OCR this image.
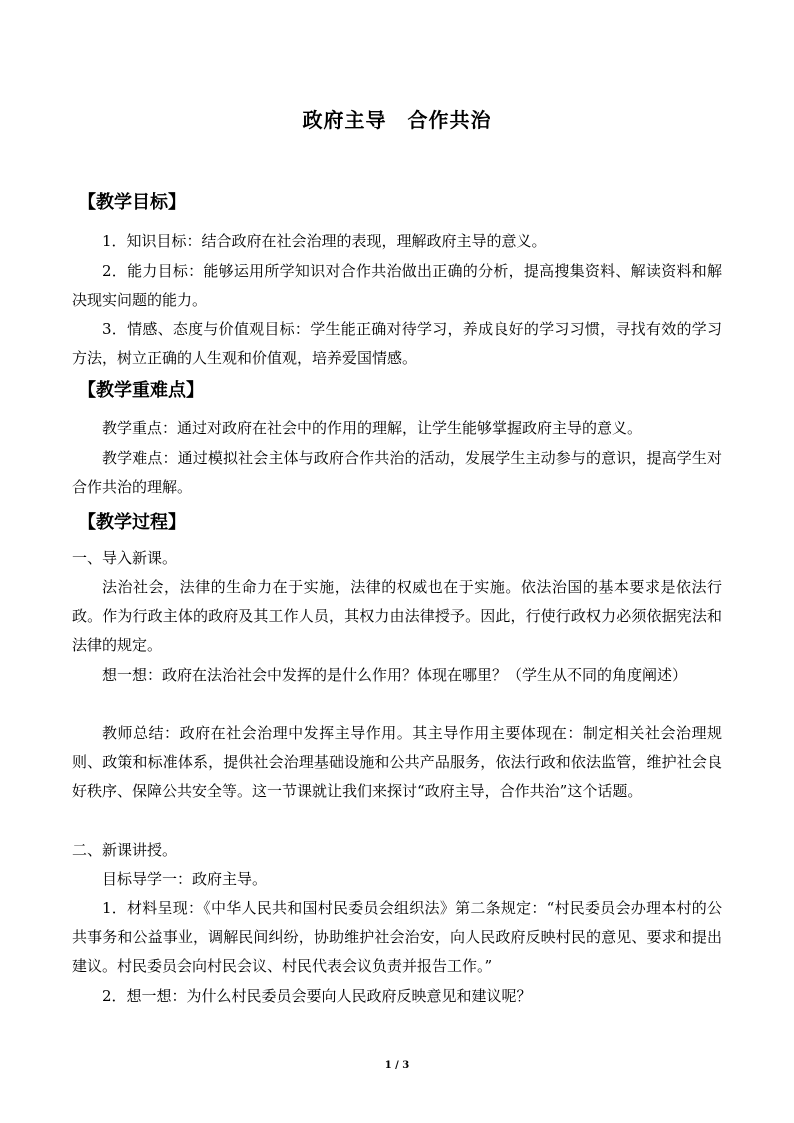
政府主导　合作共治
【教学目标】
1．知识目标：结合政府在社会治理的表现，理解政府主导的意义。
2．能力目标：能够运用所学知识对合作共治做出正确的分析，提高搜集资料、解读资料和解决现实问题的能力。
3．情感、态度与价值观目标：学生能正确对待学习，养成良好的学习习惯，寻找有效的学习方法，树立正确的人生观和价值观，培养爱国情感。
【教学重难点】
教学重点：通过对政府在社会中的作用的理解，让学生能够掌握政府主导的意义。
教学难点：通过模拟社会主体与政府合作共治的活动，发展学生主动参与的意识，提高学生对合作共治的理解。
【教学过程】
一、导入新课。
法治社会，法律的生命力在于实施，法律的权威也在于实施。依法治国的基本要求是依法行政。作为行政主体的政府及其工作人员，其权力由法律授予。因此，行使行政权力必须依据宪法和法律的规定。
想一想：政府在法治社会中发挥的是什么作用？体现在哪里？（学生从不同的角度阐述）
教师总结：政府在社会治理中发挥主导作用。其主导作用主要体现在：制定相关社会治理规则、政策和标准体系，提供社会治理基础设施和公共产品服务，依法行政和依法监管，维护社会良好秩序、保障公共安全等。这一节课就让我们来探讨“政府主导，合作共治”这个话题。
二、新课讲授。
目标导学一：政府主导。
1．材料呈现：《中华人民共和国村民委员会组织法》第二条规定：“村民委员会办理本村的公共事务和公益事业，调解民间纠纷，协助维护社会治安，向人民政府反映村民的意见、要求和提出建议。村民委员会向村民会议、村民代表会议负责并报告工作。”
2．想一想：为什么村民委员会要向人民政府反映意见和建议呢？
1 / 3
